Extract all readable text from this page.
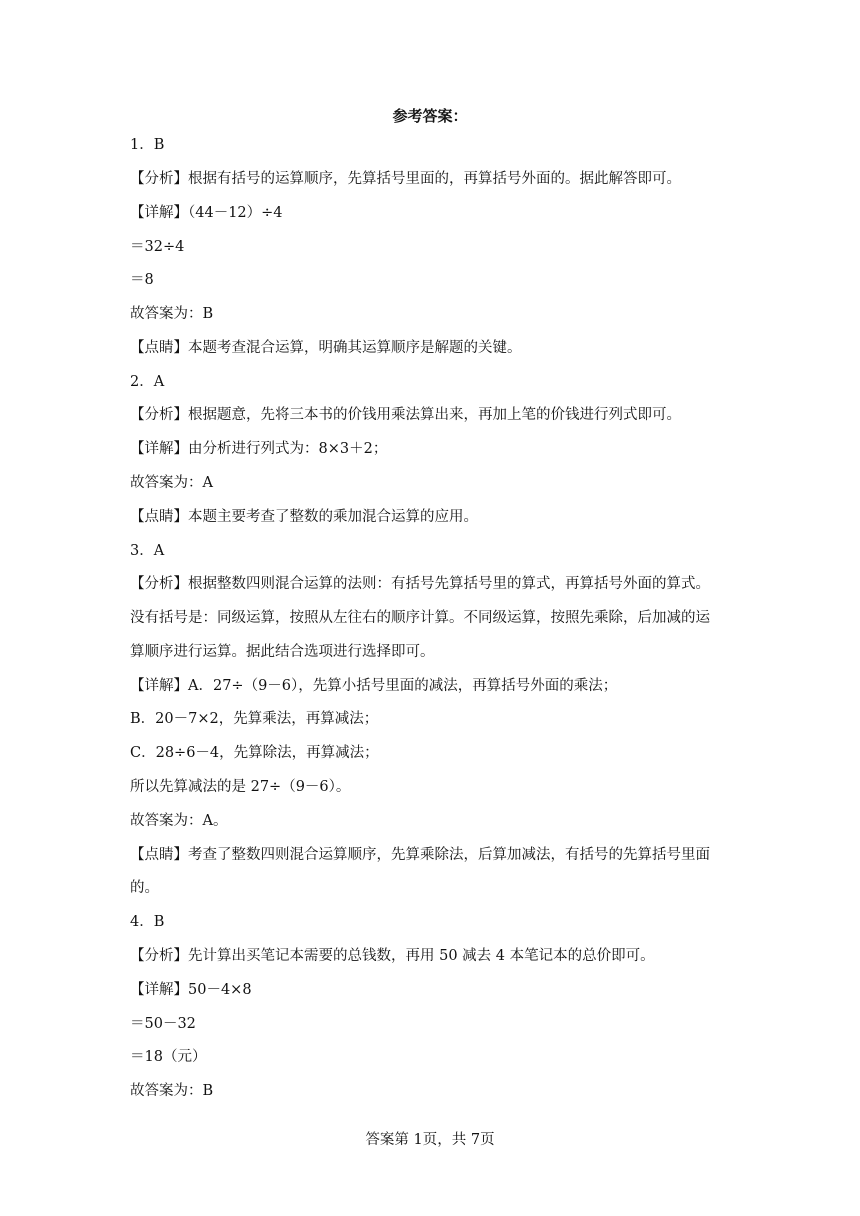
参考答案：
1．B
【分析】根据有括号的运算顺序，先算括号里面的，再算括号外面的。据此解答即可。
【详解】（44－12）÷4
＝32÷4
＝8
故答案为：B
【点睛】本题考查混合运算，明确其运算顺序是解题的关键。
2．A
【分析】根据题意，先将三本书的价钱用乘法算出来，再加上笔的价钱进行列式即可。
【详解】由分析进行列式为：8×3＋2；
故答案为：A
【点睛】本题主要考查了整数的乘加混合运算的应用。
3．A
【分析】根据整数四则混合运算的法则：有括号先算括号里的算式，再算括号外面的算式。
没有括号是：同级运算，按照从左往右的顺序计算。不同级运算，按照先乘除，后加减的运
算顺序进行运算。据此结合选项进行选择即可。
【详解】A．27÷（9－6），先算小括号里面的减法，再算括号外面的乘法；
B．20－7×2，先算乘法，再算减法；
C．28÷6－4，先算除法，再算减法；
所以先算减法的是 27÷（9－6）。
故答案为：A。
【点睛】考查了整数四则混合运算顺序，先算乘除法，后算加减法，有括号的先算括号里面
的。
4．B
【分析】先计算出买笔记本需要的总钱数，再用 50 减去 4 本笔记本的总价即可。
【详解】50－4×8
＝50－32
＝18（元）
故答案为：B
答案第 1页，共 7页
